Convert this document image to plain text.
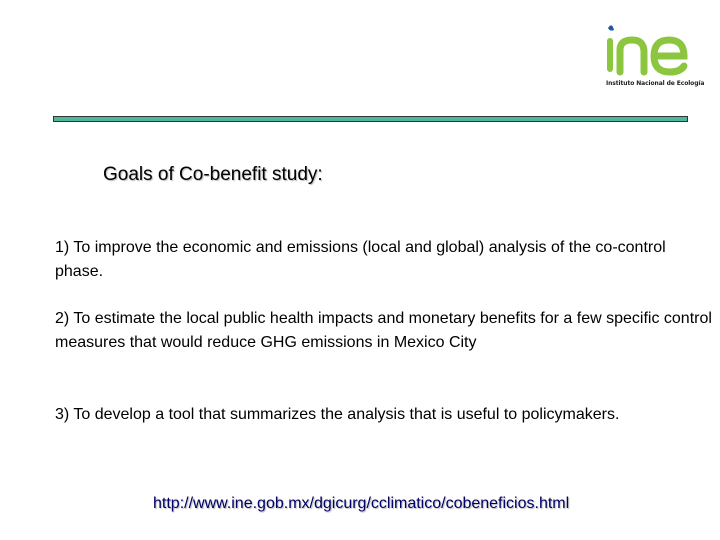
Instituto Nacional de Ecología
Goals of Co-benefit study:
1) To improve the economic and emissions (local and global) analysis of the co-control phase.
2) To estimate the local public health impacts and monetary benefits for a few specific control measures that would reduce GHG emissions in Mexico City
3) To develop a tool that summarizes the analysis that is useful to policymakers.
http://www.ine.gob.mx/dgicurg/cclimatico/cobeneficios.html
